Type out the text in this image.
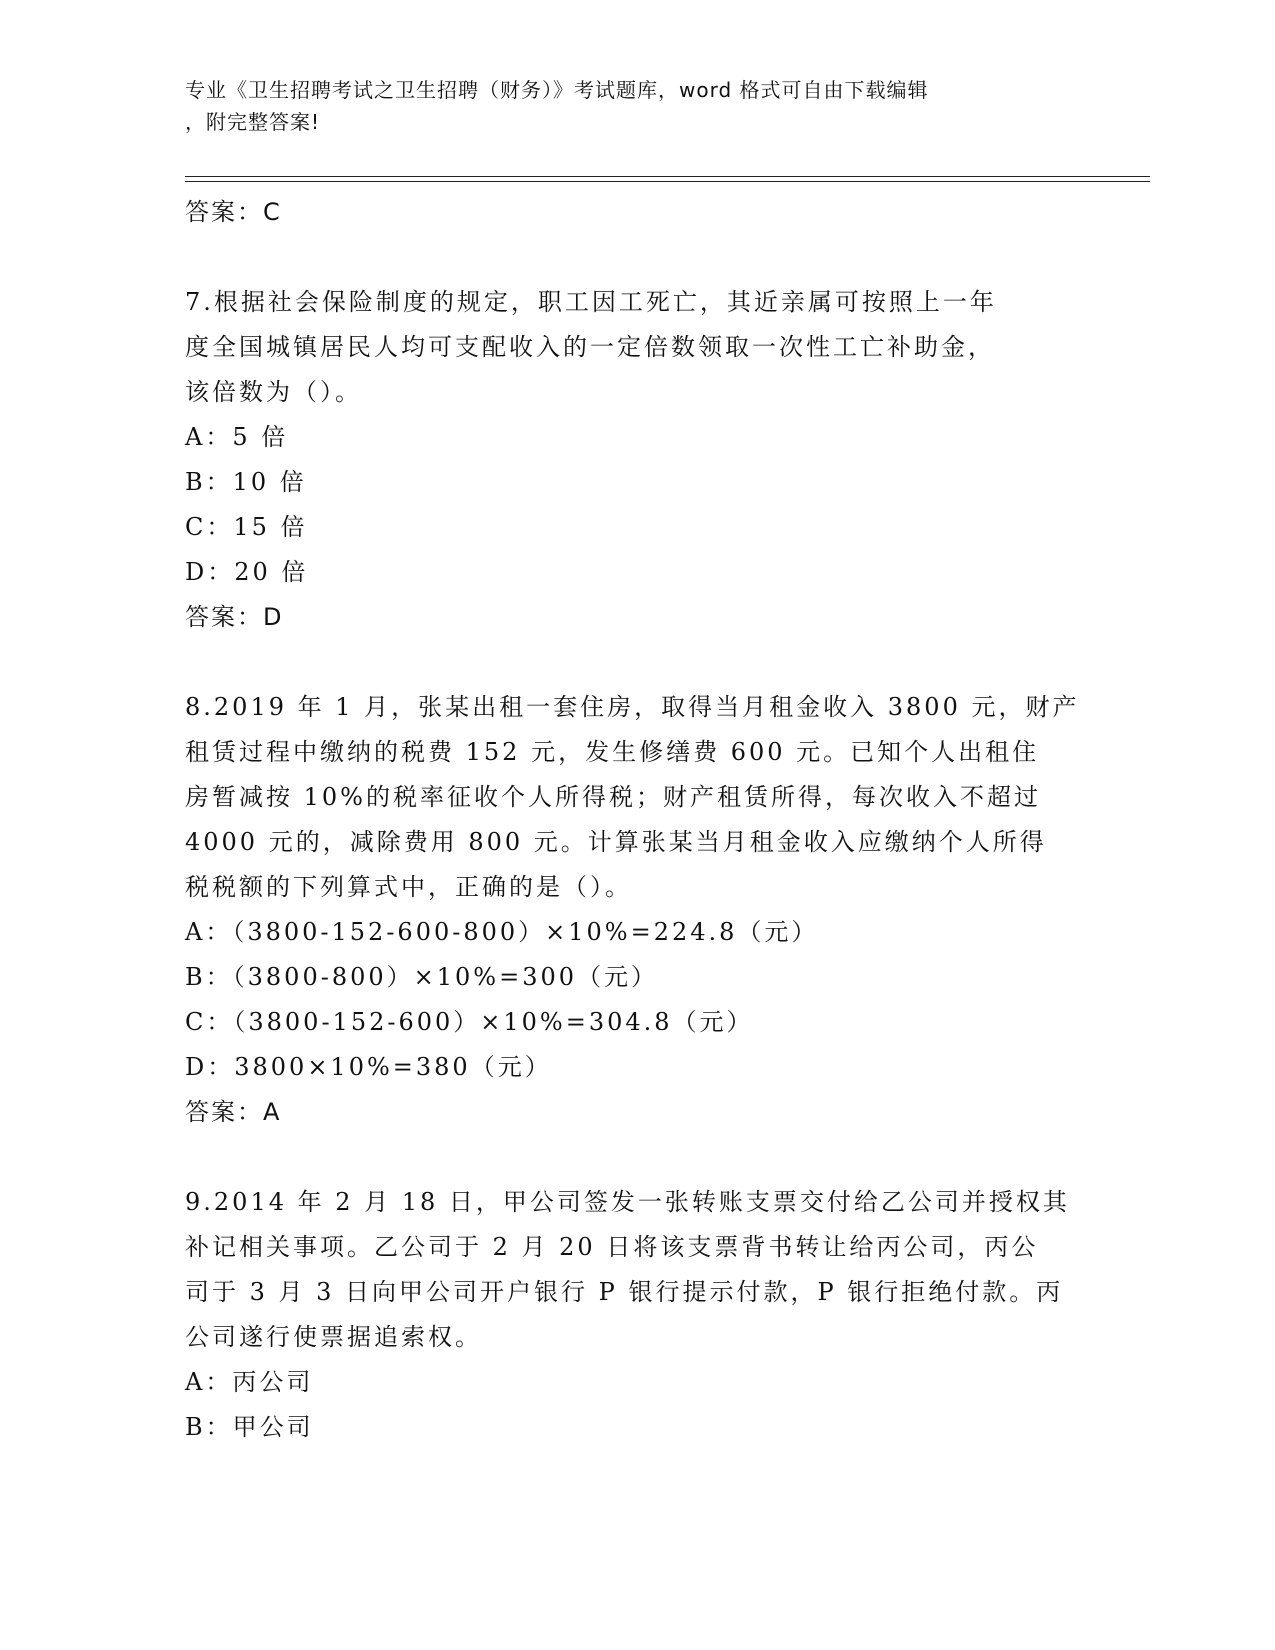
专业《卫生招聘考试之卫生招聘（财务）》考试题库，word 格式可自由下载编辑
，附完整答案!
答案：C
7.根据社会保险制度的规定，职工因工死亡，其近亲属可按照上一年
度全国城镇居民人均可支配收入的一定倍数领取一次性工亡补助金，
该倍数为（）。
A：5 倍
B：10 倍
C：15 倍
D：20 倍
答案：D
8.2019 年 1 月，张某出租一套住房，取得当月租金收入 3800 元，财产
租赁过程中缴纳的税费 152 元，发生修缮费 600 元。已知个人出租住
房暂减按 10%的税率征收个人所得税；财产租赁所得，每次收入不超过
4000 元的，减除费用 800 元。计算张某当月租金收入应缴纳个人所得
税税额的下列算式中，正确的是（）。
A：（3800-152-600-800）×10%=224.8（元）
B：（3800-800）×10%=300（元）
C：（3800-152-600）×10%=304.8（元）
D：3800×10%=380（元）
答案：A
9.2014 年 2 月 18 日，甲公司签发一张转账支票交付给乙公司并授权其
补记相关事项。乙公司于 2 月 20 日将该支票背书转让给丙公司，丙公
司于 3 月 3 日向甲公司开户银行 P 银行提示付款，P 银行拒绝付款。丙
公司遂行使票据追索权。
A：丙公司
B：甲公司
